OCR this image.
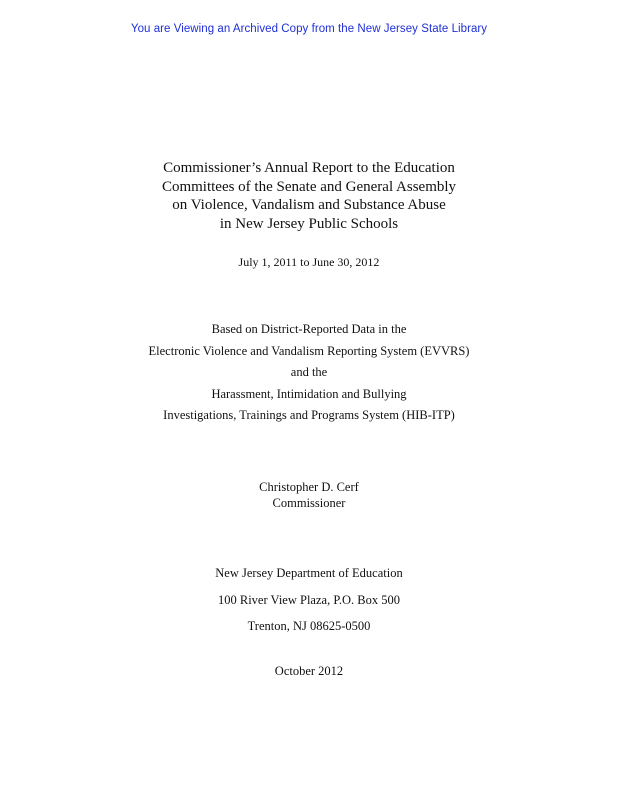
You are Viewing an Archived Copy from the New Jersey State Library
Commissioner’s Annual Report to the Education
Committees of the Senate and General Assembly
on Violence, Vandalism and Substance Abuse
in New Jersey Public Schools
July 1, 2011 to June 30, 2012
Based on District-Reported Data in the
Electronic Violence and Vandalism Reporting System (EVVRS)
and the
Harassment, Intimidation and Bullying
Investigations, Trainings and Programs System (HIB-ITP)
Christopher D. Cerf
Commissioner
New Jersey Department of Education
100 River View Plaza, P.O. Box 500
Trenton, NJ 08625-0500
October 2012
